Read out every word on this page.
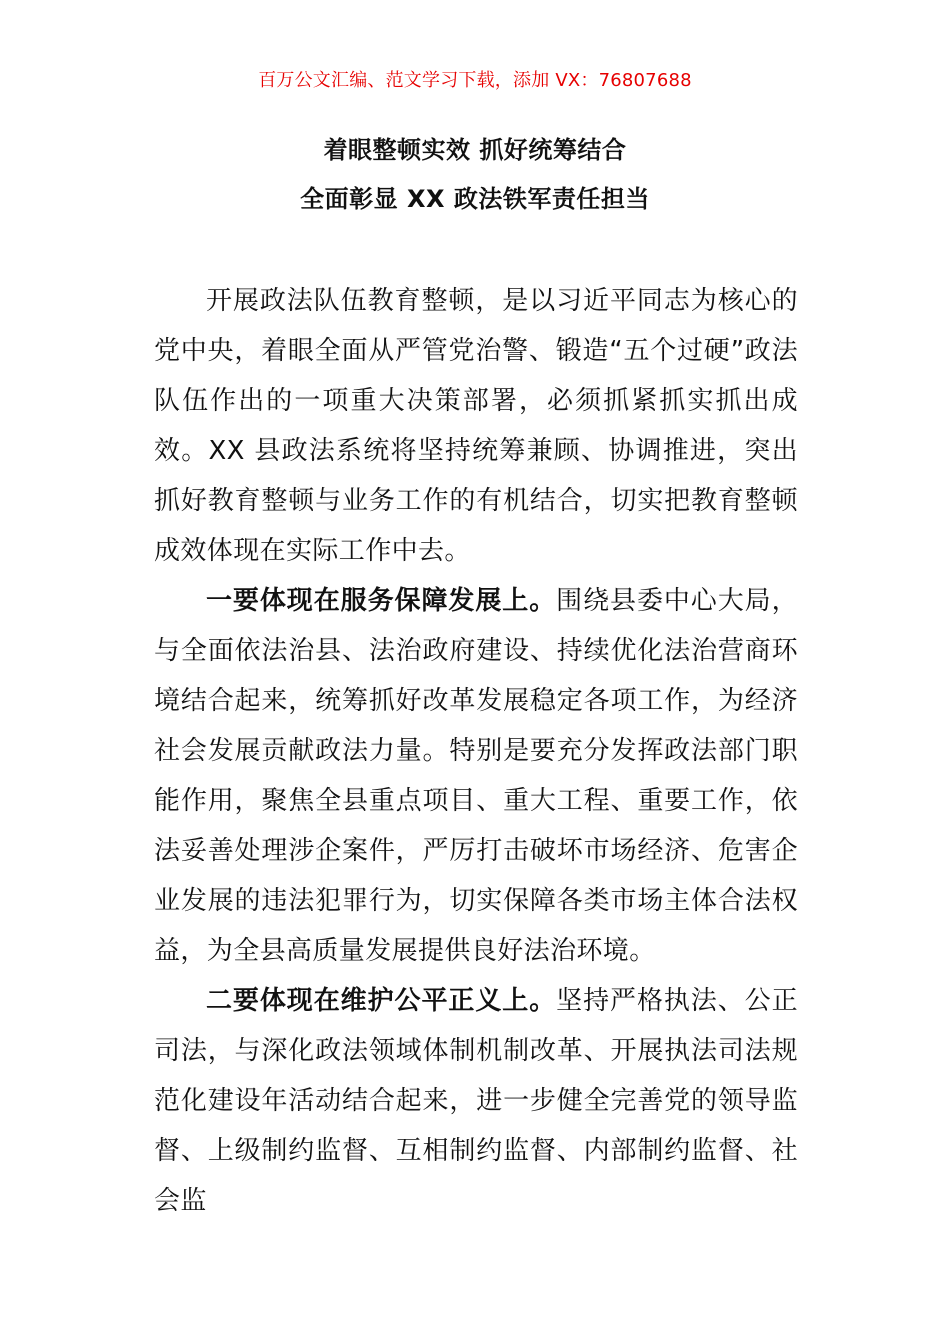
百万公文汇编、范文学习下载，添加 VX：76807688
着眼整顿实效 抓好统筹结合
全面彰显 XX 政法铁军责任担当

开展政法队伍教育整顿，是以习近平同志为核心的党中央，着眼全面从严管党治警、锻造“五个过硬”政法队伍作出的一项重大决策部署，必须抓紧抓实抓出成效。XX 县政法系统将坚持统筹兼顾、协调推进，突出抓好教育整顿与业务工作的有机结合，切实把教育整顿成效体现在实际工作中去。

一要体现在服务保障发展上。围绕县委中心大局，与全面依法治县、法治政府建设、持续优化法治营商环境结合起来，统筹抓好改革发展稳定各项工作，为经济社会发展贡献政法力量。特别是要充分发挥政法部门职能作用，聚焦全县重点项目、重大工程、重要工作，依法妥善处理涉企案件，严厉打击破坏市场经济、危害企业发展的违法犯罪行为，切实保障各类市场主体合法权益，为全县高质量发展提供良好法治环境。

二要体现在维护公平正义上。坚持严格执法、公正司法，与深化政法领域体制机制改革、开展执法司法规范化建设年活动结合起来，进一步健全完善党的领导监督、上级制约监督、互相制约监督、内部制约监督、社会监
